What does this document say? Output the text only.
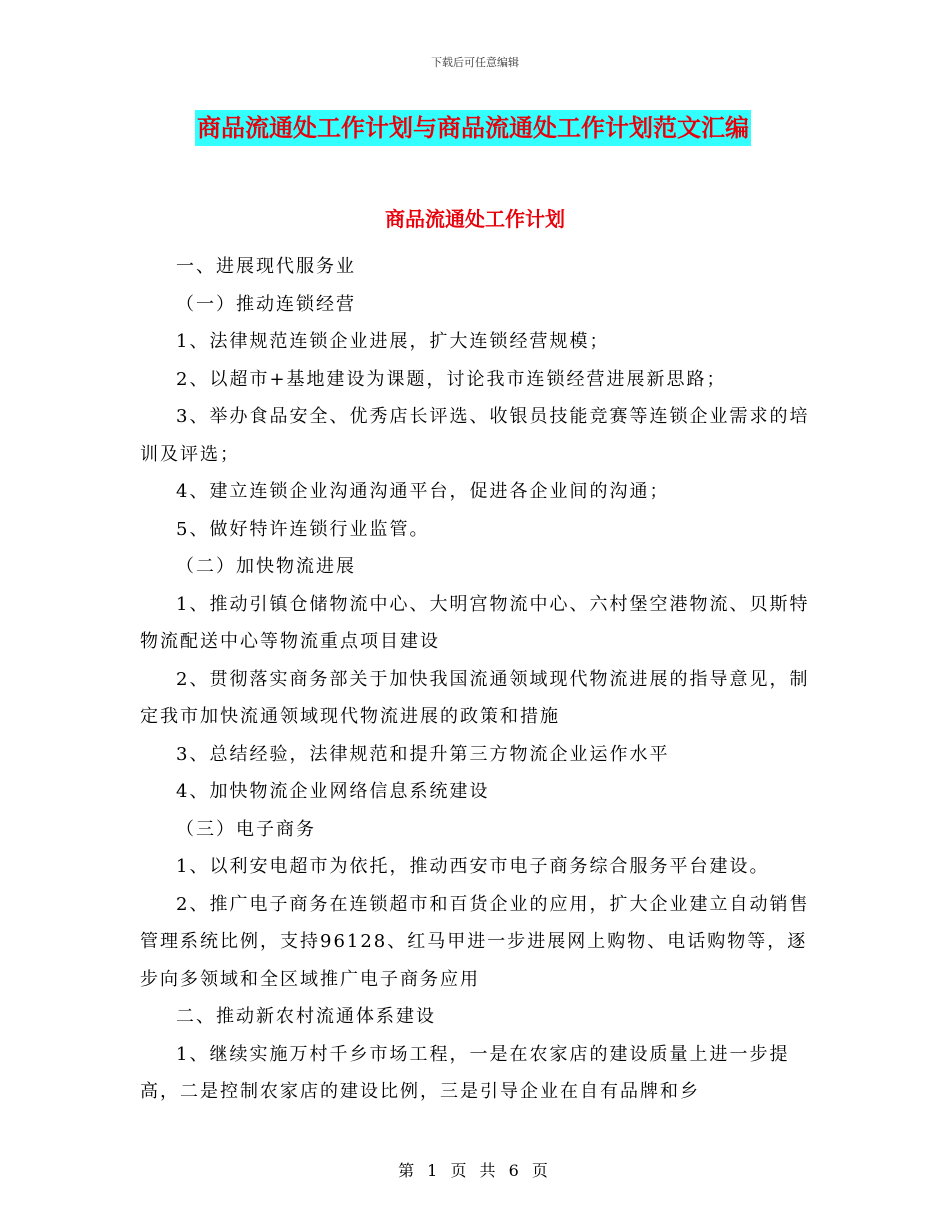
下载后可任意编辑
商品流通处工作计划与商品流通处工作计划范文汇编
商品流通处工作计划

一、进展现代服务业

（一）推动连锁经营

1、法律规范连锁企业进展，扩大连锁经营规模；

2、以超市+基地建设为课题，讨论我市连锁经营进展新思路；

3、举办食品安全、优秀店长评选、收银员技能竞赛等连锁企业需求的培训及评选；

4、建立连锁企业沟通沟通平台，促进各企业间的沟通；

5、做好特许连锁行业监管。

（二）加快物流进展

1、推动引镇仓储物流中心、大明宫物流中心、六村堡空港物流、贝斯特物流配送中心等物流重点项目建设

2、贯彻落实商务部关于加快我国流通领域现代物流进展的指导意见，制定我市加快流通领域现代物流进展的政策和措施

3、总结经验，法律规范和提升第三方物流企业运作水平

4、加快物流企业网络信息系统建设

（三）电子商务

1、以利安电超市为依托，推动西安市电子商务综合服务平台建设。

2、推广电子商务在连锁超市和百货企业的应用，扩大企业建立自动销售管理系统比例，支持96128、红马甲进一步进展网上购物、电话购物等，逐步向多领域和全区域推广电子商务应用

二、推动新农村流通体系建设

1、继续实施万村千乡市场工程，一是在农家店的建设质量上进一步提高，二是控制农家店的建设比例，三是引导企业在自有品牌和乡

第 1 页 共 6 页
